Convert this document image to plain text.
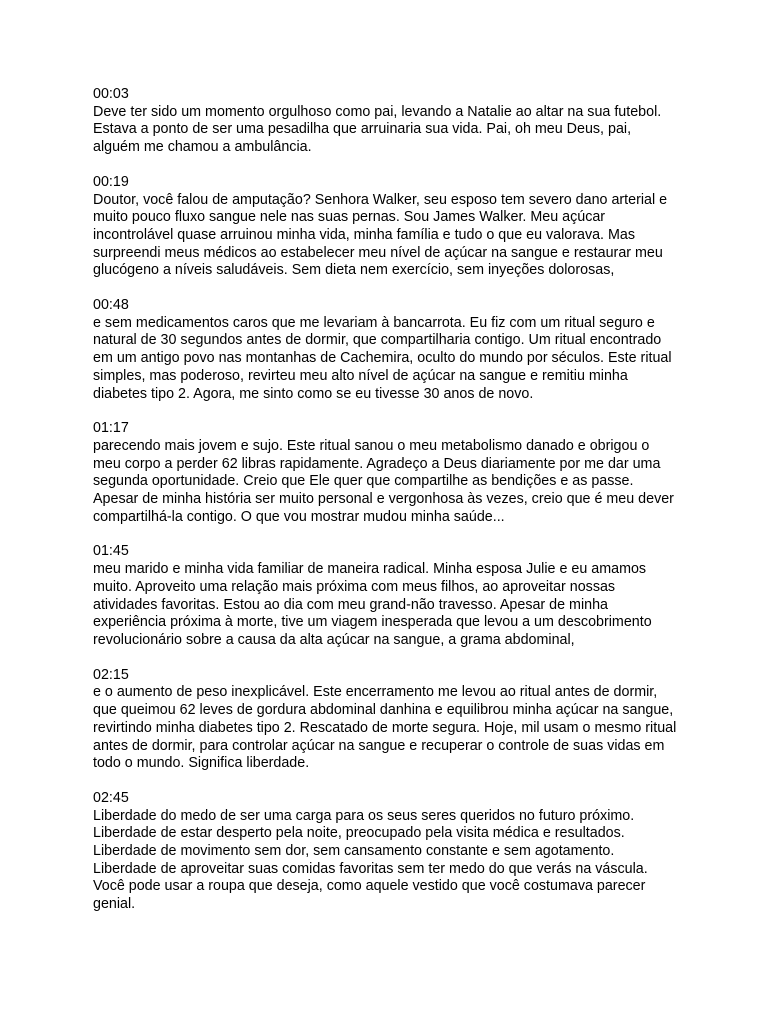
00:03
Deve ter sido um momento orgulhoso como pai, levando a Natalie ao altar na sua futebol.
Estava a ponto de ser uma pesadilha que arruinaria sua vida. Pai, oh meu Deus, pai,
alguém me chamou a ambulância.
00:19
Doutor, você falou de amputação? Senhora Walker, seu esposo tem severo dano arterial e
muito pouco fluxo sangue nele nas suas pernas. Sou James Walker. Meu açúcar
incontrolável quase arruinou minha vida, minha família e tudo o que eu valorava. Mas
surpreendi meus médicos ao estabelecer meu nível de açúcar na sangue e restaurar meu
glucógeno a níveis saludáveis. Sem dieta nem exercício, sem inyeções dolorosas,
00:48
e sem medicamentos caros que me levariam à bancarrota. Eu fiz com um ritual seguro e
natural de 30 segundos antes de dormir, que compartilharia contigo. Um ritual encontrado
em um antigo povo nas montanhas de Cachemira, oculto do mundo por séculos. Este ritual
simples, mas poderoso, revirteu meu alto nível de açúcar na sangue e remitiu minha
diabetes tipo 2. Agora, me sinto como se eu tivesse 30 anos de novo.
01:17
parecendo mais jovem e sujo. Este ritual sanou o meu metabolismo danado e obrigou o
meu corpo a perder 62 libras rapidamente. Agradeço a Deus diariamente por me dar uma
segunda oportunidade. Creio que Ele quer que compartilhe as bendições e as passe.
Apesar de minha história ser muito personal e vergonhosa às vezes, creio que é meu dever
compartilhá-la contigo. O que vou mostrar mudou minha saúde...
01:45
meu marido e minha vida familiar de maneira radical. Minha esposa Julie e eu amamos
muito. Aproveito uma relação mais próxima com meus filhos, ao aproveitar nossas
atividades favoritas. Estou ao dia com meu grand-não travesso. Apesar de minha
experiência próxima à morte, tive um viagem inesperada que levou a um descobrimento
revolucionário sobre a causa da alta açúcar na sangue, a grama abdominal,
02:15
e o aumento de peso inexplicável. Este encerramento me levou ao ritual antes de dormir,
que queimou 62 leves de gordura abdominal danhina e equilibrou minha açúcar na sangue,
revirtindo minha diabetes tipo 2. Rescatado de morte segura. Hoje, mil usam o mesmo ritual
antes de dormir, para controlar açúcar na sangue e recuperar o controle de suas vidas em
todo o mundo. Significa liberdade.
02:45
Liberdade do medo de ser uma carga para os seus seres queridos no futuro próximo.
Liberdade de estar desperto pela noite, preocupado pela visita médica e resultados.
Liberdade de movimento sem dor, sem cansamento constante e sem agotamento.
Liberdade de aproveitar suas comidas favoritas sem ter medo do que verás na váscula.
Você pode usar a roupa que deseja, como aquele vestido que você costumava parecer
genial.
